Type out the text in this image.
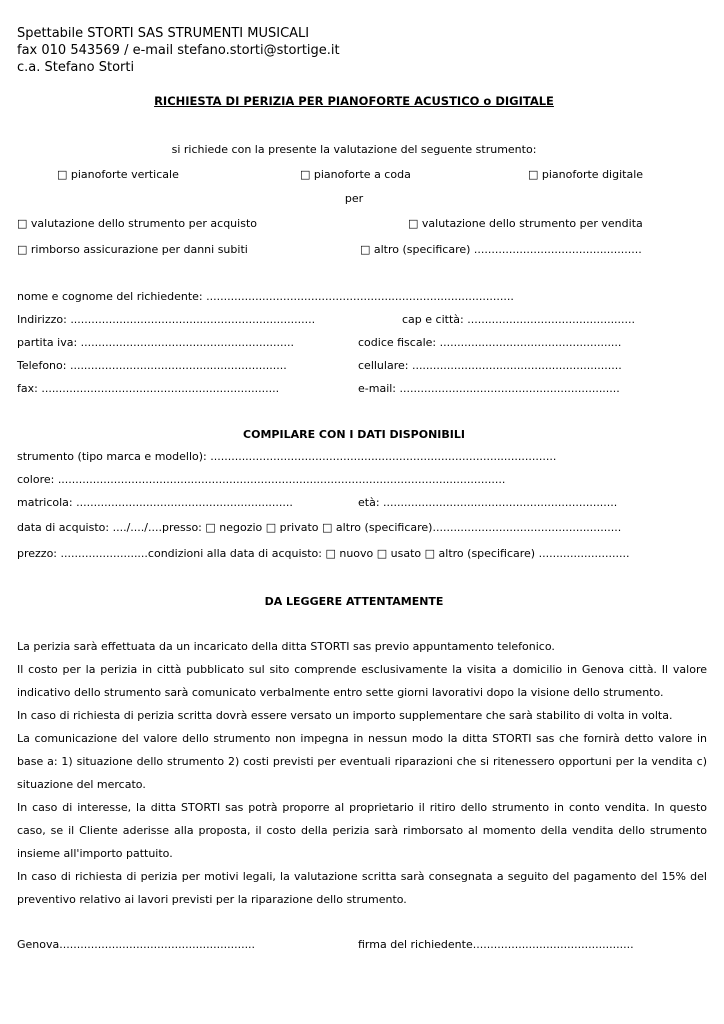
Spettabile STORTI SAS STRUMENTI MUSICALI
fax 010 543569 / e-mail stefano.storti@stortige.it
c.a. Stefano Storti
RICHIESTA DI PERIZIA PER PIANOFORTE ACUSTICO o DIGITALE
si richiede con la presente la valutazione del seguente strumento:
□ pianoforte verticale	□ pianoforte a coda	□ pianoforte digitale
per
□ valutazione dello strumento per acquisto	□ valutazione dello strumento per vendita
□ rimborso assicurazione per danni subiti	□ altro (specificare) ................................................
nome e cognome del richiedente: ........................................................................................
Indirizzo: ......................................................................	cap e città: ................................................
partita iva: .............................................................	codice fiscale: ....................................................
Telefono: ..............................................................	cellulare: ............................................................
fax: ....................................................................	e-mail: ...............................................................
COMPILARE CON I DATI DISPONIBILI
strumento (tipo marca e modello): ...................................................................................................
colore: ................................................................................................................................
matricola: ..............................................................	età: ...................................................................
data di acquisto: ..../..../....presso: □ negozio □ privato □ altro (specificare)......................................................
prezzo: .........................condizioni alla data di acquisto: □ nuovo □ usato □ altro (specificare) ..........................
DA LEGGERE ATTENTAMENTE

La perizia sarà effettuata da un incaricato della ditta STORTI sas previo appuntamento telefonico.

Il costo per la perizia in città pubblicato sul sito comprende esclusivamente la visita a domicilio in Genova città. Il valore indicativo dello strumento sarà comunicato verbalmente entro sette giorni lavorativi dopo la visione dello strumento.

In caso di richiesta di perizia scritta dovrà essere versato un importo supplementare che sarà stabilito di volta in volta.

La comunicazione del valore dello strumento non impegna in nessun modo la ditta STORTI sas che fornirà detto valore in base a: 1) situazione dello strumento 2) costi previsti per eventuali riparazioni che si ritenessero opportuni per la vendita c) situazione del mercato.

In caso di interesse, la ditta STORTI sas potrà proporre al proprietario il ritiro dello strumento in conto vendita. In questo caso, se il Cliente aderisse alla proposta, il costo della perizia sarà rimborsato al momento della vendita dello strumento insieme all'importo pattuito.

In caso di richiesta di perizia per motivi legali, la valutazione scritta sarà consegnata a seguito del pagamento del 15% del preventivo relativo ai lavori previsti per la riparazione dello strumento.

Genova........................................................	firma del richiedente..............................................
